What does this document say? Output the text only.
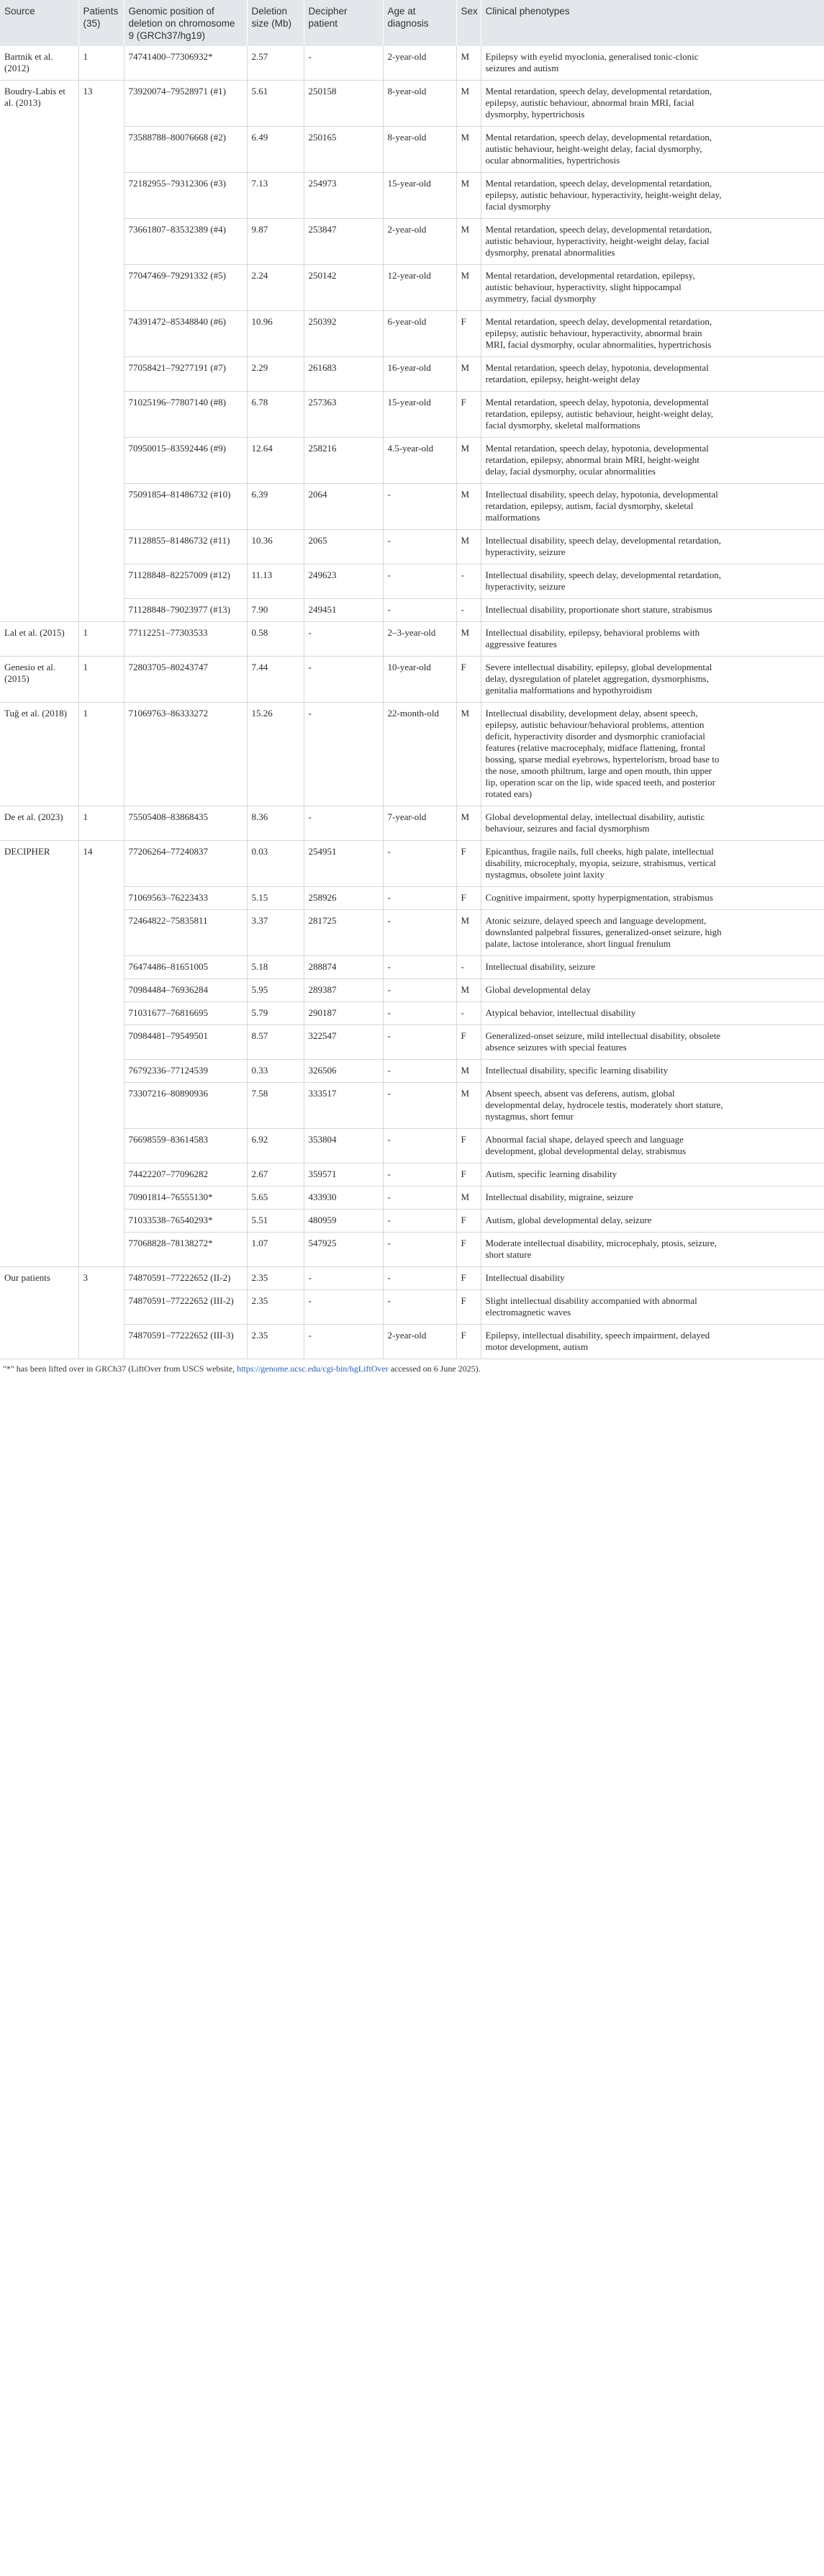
Source	Patients (35)	Genomic position of deletion on chromosome 9 (GRCh37/hg19)	Deletion size (Mb)	Decipher patient	Age at diagnosis	Sex	Clinical phenotypes
Bartnik et al. (2012)	1	74741400–77306932*	2.57	-	2-year-old	M	Epilepsy with eyelid myoclonia, generalised tonic-clonic seizures and autism
Boudry-Labis et al. (2013)	13	73920074–79528971 (#1)	5.61	250158	8-year-old	M	Mental retardation, speech delay, developmental retardation, epilepsy, autistic behaviour, abnormal brain MRI, facial dysmorphy, hypertrichosis
		73588788–80076668 (#2)	6.49	250165	8-year-old	M	Mental retardation, speech delay, developmental retardation, autistic behaviour, height-weight delay, facial dysmorphy, ocular abnormalities, hypertrichosis
		72182955–79312306 (#3)	7.13	254973	15-year-old	M	Mental retardation, speech delay, developmental retardation, epilepsy, autistic behaviour, hyperactivity, height-weight delay, facial dysmorphy
		73661807–83532389 (#4)	9.87	253847	2-year-old	M	Mental retardation, speech delay, developmental retardation, autistic behaviour, hyperactivity, height-weight delay, facial dysmorphy, prenatal abnormalities
		77047469–79291332 (#5)	2.24	250142	12-year-old	M	Mental retardation, developmental retardation, epilepsy, autistic behaviour, hyperactivity, slight hippocampal asymmetry, facial dysmorphy
		74391472–85348840 (#6)	10.96	250392	6-year-old	F	Mental retardation, speech delay, developmental retardation, epilepsy, autistic behaviour, hyperactivity, abnormal brain MRI, facial dysmorphy, ocular abnormalities, hypertrichosis
		77058421–79277191 (#7)	2.29	261683	16-year-old	M	Mental retardation, speech delay, hypotonia, developmental retardation, epilepsy, height-weight delay
		71025196–77807140 (#8)	6.78	257363	15-year-old	F	Mental retardation, speech delay, hypotonia, developmental retardation, epilepsy, autistic behaviour, height-weight delay, facial dysmorphy, skeletal malformations
		70950015–83592446 (#9)	12.64	258216	4.5-year-old	M	Mental retardation, speech delay, hypotonia, developmental retardation, epilepsy, abnormal brain MRI, height-weight delay, facial dysmorphy, ocular abnormalities
		75091854–81486732 (#10)	6.39	2064	-	M	Intellectual disability, speech delay, hypotonia, developmental retardation, epilepsy, autism, facial dysmorphy, skeletal malformations
		71128855–81486732 (#11)	10.36	2065	-	M	Intellectual disability, speech delay, developmental retardation, hyperactivity, seizure
		71128848–82257009 (#12)	11.13	249623	-	-	Intellectual disability, speech delay, developmental retardation, hyperactivity, seizure
		71128848–79023977 (#13)	7.90	249451	-	-	Intellectual disability, proportionate short stature, strabismus
Lal et al. (2015)	1	77112251–77303533	0.58	-	2–3-year-old	M	Intellectual disability, epilepsy, behavioral problems with aggressive features
Genesio et al. (2015)	1	72803705–80243747	7.44	-	10-year-old	F	Severe intellectual disability, epilepsy, global developmental delay, dysregulation of platelet aggregation, dysmorphisms, genitalia malformations and hypothyroidism
Tuğ et al. (2018)	1	71069763–86333272	15.26	-	22-month-old	M	Intellectual disability, development delay, absent speech, epilepsy, autistic behaviour/behavioral problems, attention deficit, hyperactivity disorder and dysmorphic craniofacial features (relative macrocephaly, midface flattening, frontal bossing, sparse medial eyebrows, hypertelorism, broad base to the nose, smooth philtrum, large and open mouth, thin upper lip, operation scar on the lip, wide spaced teeth, and posterior rotated ears)
De et al. (2023)	1	75505408–83868435	8.36	-	7-year-old	M	Global developmental delay, intellectual disability, autistic behaviour, seizures and facial dysmorphism
DECIPHER	14	77206264–77240837	0.03	254951	-	F	Epicanthus, fragile nails, full cheeks, high palate, intellectual disability, microcephaly, myopia, seizure, strabismus, vertical nystagmus, obsolete joint laxity
		71069563–76223433	5.15	258926	-	F	Cognitive impairment, spotty hyperpigmentation, strabismus
		72464822–75835811	3.37	281725	-	M	Atonic seizure, delayed speech and language development, downslanted palpebral fissures, generalized-onset seizure, high palate, lactose intolerance, short lingual frenulum
		76474486–81651005	5.18	288874	-	-	Intellectual disability, seizure
		70984484–76936284	5.95	289387	-	M	Global developmental delay
		71031677–76816695	5.79	290187	-	-	Atypical behavior, intellectual disability
		70984481–79549501	8.57	322547	-	F	Generalized-onset seizure, mild intellectual disability, obsolete absence seizures with special features
		76792336–77124539	0.33	326506	-	M	Intellectual disability, specific learning disability
		73307216–80890936	7.58	333517	-	M	Absent speech, absent vas deferens, autism, global developmental delay, hydrocele testis, moderately short stature, nystagmus, short femur
		76698559–83614583	6.92	353804	-	F	Abnormal facial shape, delayed speech and language development, global developmental delay, strabismus
		74422207–77096282	2.67	359571	-	F	Autism, specific learning disability
		70901814–76555130*	5.65	433930	-	M	Intellectual disability, migraine, seizure
		71033538–76540293*	5.51	480959	-	F	Autism, global developmental delay, seizure
		77068828–78138272*	1.07	547925	-	F	Moderate intellectual disability, microcephaly, ptosis, seizure, short stature
Our patients	3	74870591–77222652 (II-2)	2.35	-	-	F	Intellectual disability
		74870591–77222652 (III-2)	2.35	-	-	F	Slight intellectual disability accompanied with abnormal electromagnetic waves
		74870591–77222652 (III-3)	2.35	-	2-year-old	F	Epilepsy, intellectual disability, speech impairment, delayed motor development, autism
"*" has been lifted over in GRCh37 (LiftOver from USCS website, https://genome.ucsc.edu/cgi-bin/hgLiftOver accessed on 6 June 2025).
